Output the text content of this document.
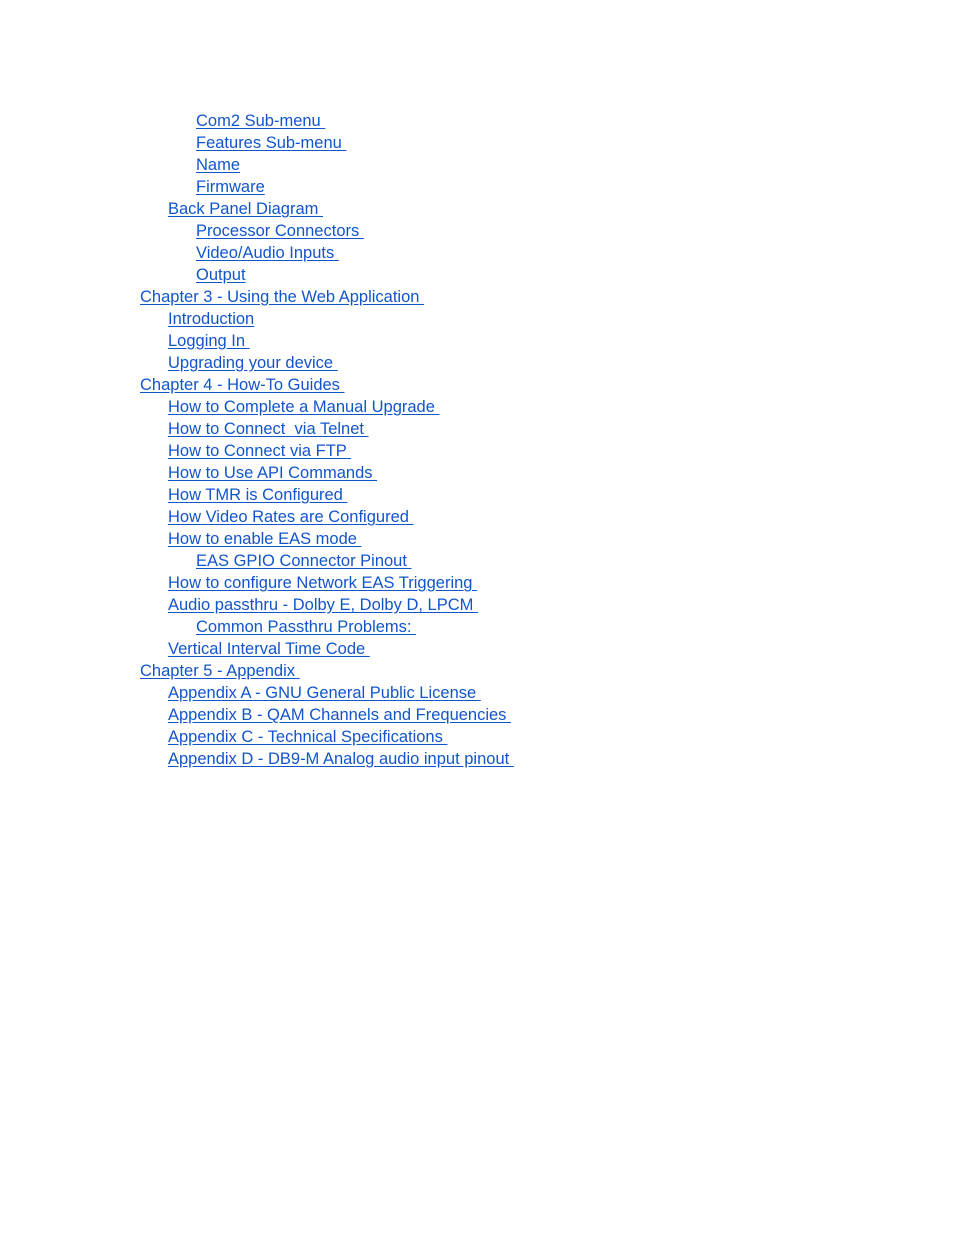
Com2 Sub-menu
Features Sub-menu
Name
Firmware
Back Panel Diagram
Processor Connectors
Video/Audio Inputs
Output
Chapter 3 - Using the Web Application
Introduction
Logging In
Upgrading your device
Chapter 4 - How-To Guides
How to Complete a Manual Upgrade
How to Connect  via Telnet
How to Connect via FTP
How to Use API Commands
How TMR is Configured
How Video Rates are Configured
How to enable EAS mode
EAS GPIO Connector Pinout
How to configure Network EAS Triggering
Audio passthru - Dolby E, Dolby D, LPCM
Common Passthru Problems:
Vertical Interval Time Code
Chapter 5 - Appendix
Appendix A - GNU General Public License
Appendix B - QAM Channels and Frequencies
Appendix C - Technical Specifications
Appendix D - DB9-M Analog audio input pinout
